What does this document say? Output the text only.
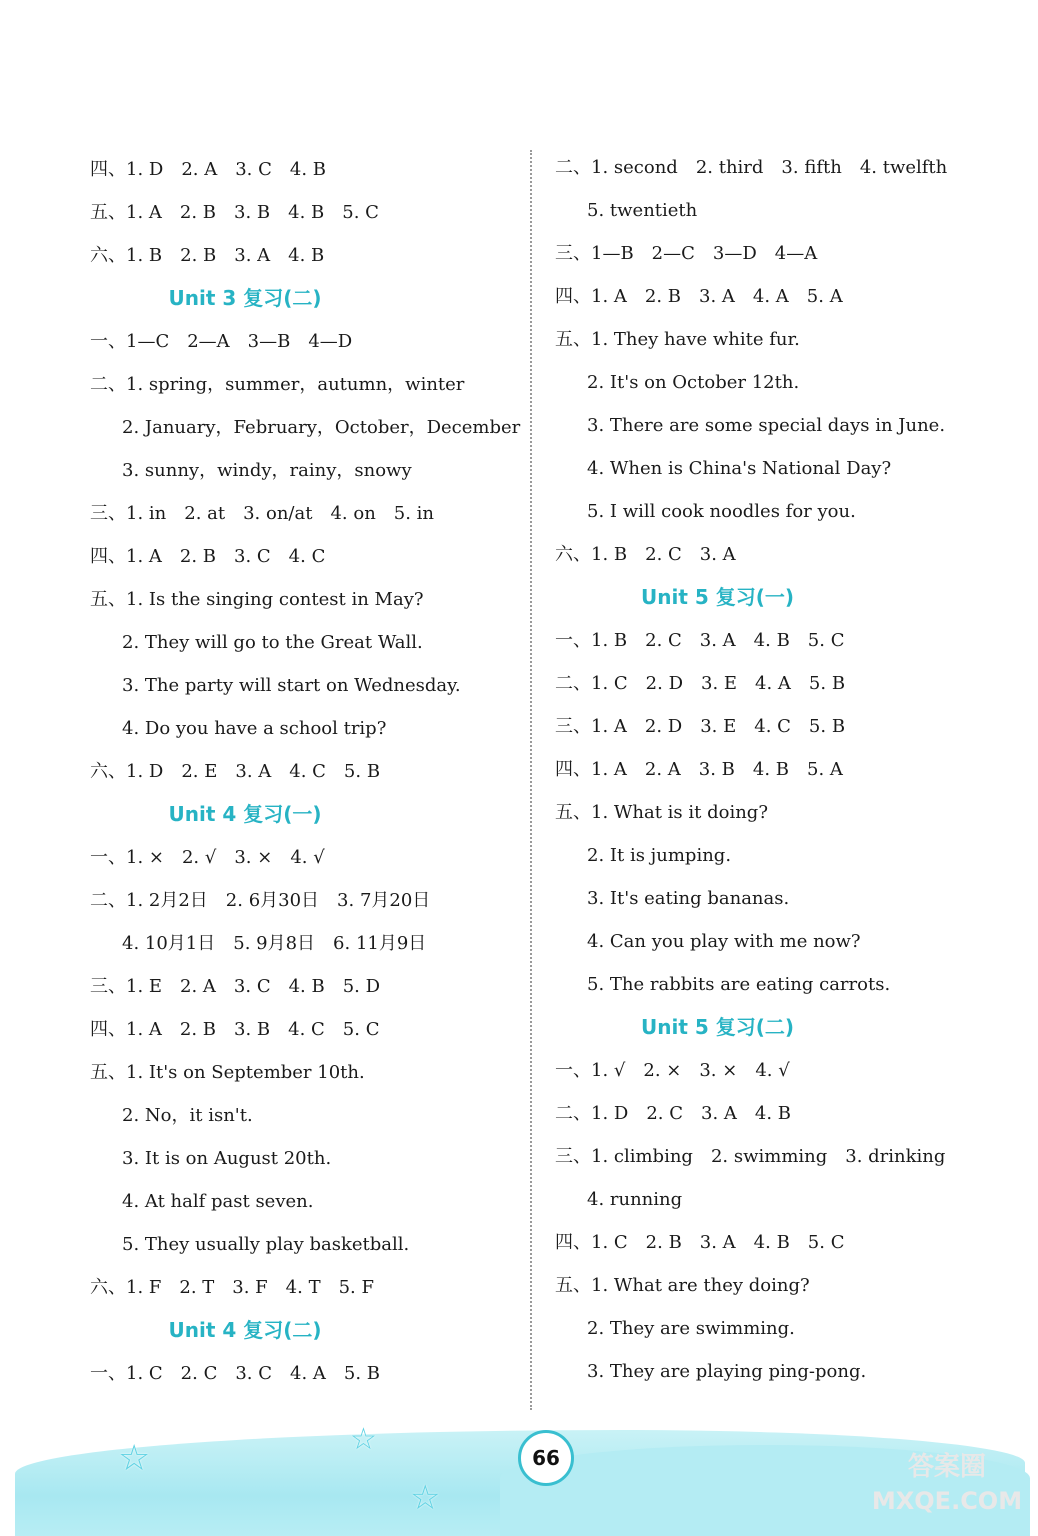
四、1. D　2. A　3. C　4. B
五、1. A　2. B　3. B　4. B　5. C
六、1. B　2. B　3. A　4. B
Unit 3 复习(二)
一、1—C　2—A　3—B　4—D
二、1. spring，summer，autumn，winter
2. January，February，October，December
3. sunny，windy，rainy，snowy
三、1. in　2. at　3. on/at　4. on　5. in
四、1. A　2. B　3. C　4. C
五、1. Is the singing contest in May?
2. They will go to the Great Wall.
3. The party will start on Wednesday.
4. Do you have a school trip?
六、1. D　2. E　3. A　4. C　5. B
Unit 4 复习(一)
一、1. ×　2. √　3. ×　4. √
二、1. 2月2日　2. 6月30日　3. 7月20日
4. 10月1日　5. 9月8日　6. 11月9日
三、1. E　2. A　3. C　4. B　5. D
四、1. A　2. B　3. B　4. C　5. C
五、1. It's on September 10th.
2. No，it isn't.
3. It is on August 20th.
4. At half past seven.
5. They usually play basketball.
六、1. F　2. T　3. F　4. T　5. F
Unit 4 复习(二)
一、1. C　2. C　3. C　4. A　5. B
二、1. second　2. third　3. fifth　4. twelfth
5. twentieth
三、1—B　2—C　3—D　4—A
四、1. A　2. B　3. A　4. A　5. A
五、1. They have white fur.
2. It's on October 12th.
3. There are some special days in June.
4. When is China's National Day?
5. I will cook noodles for you.
六、1. B　2. C　3. A
Unit 5 复习(一)
一、1. B　2. C　3. A　4. B　5. C
二、1. C　2. D　3. E　4. A　5. B
三、1. A　2. D　3. E　4. C　5. B
四、1. A　2. A　3. B　4. B　5. A
五、1. What is it doing?
2. It is jumping.
3. It's eating bananas.
4. Can you play with me now?
5. The rabbits are eating carrots.
Unit 5 复习(二)
一、1. √　2. ×　3. ×　4. √
二、1. D　2. C　3. A　4. B
三、1. climbing　2. swimming　3. drinking
4. running
四、1. C　2. B　3. A　4. B　5. C
五、1. What are they doing?
2. They are swimming.
3. They are playing ping-pong.
☆	☆
☆
66	答案圈
MXQE.COM
